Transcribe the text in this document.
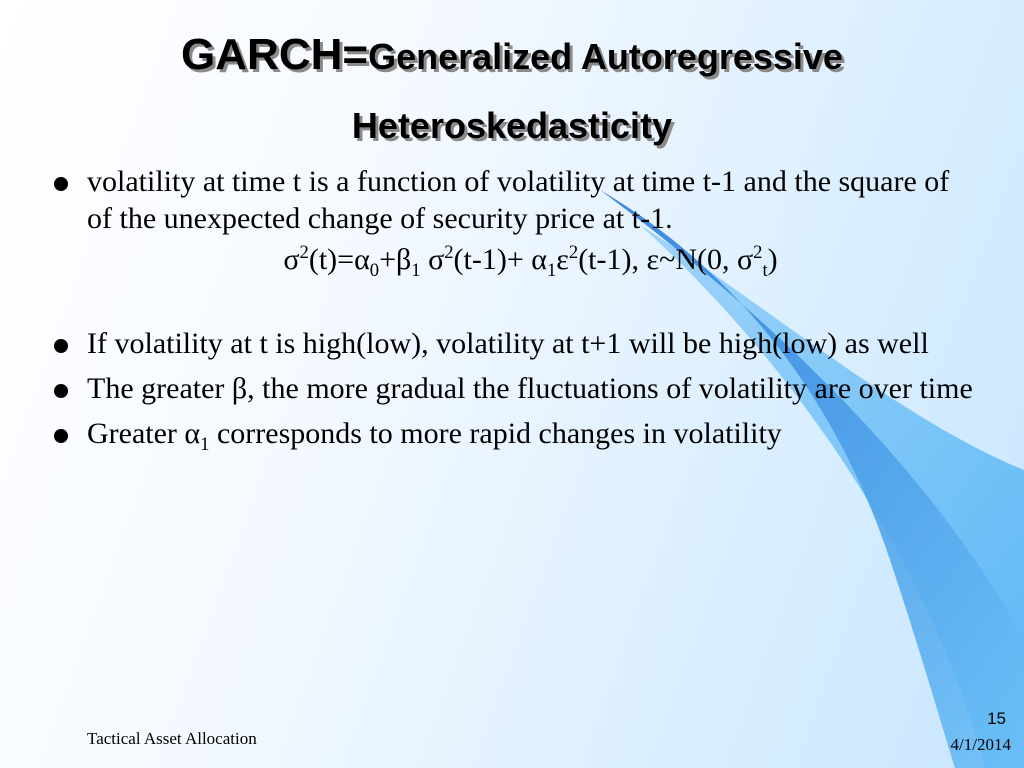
GARCH=Generalized Autoregressive
Heteroskedasticity

volatility at time t is a function of volatility at time t-1 and the square of of the unexpected change of security price at t-1.

$\sigma^2(t)=\alpha_0+\beta_1$ $\sigma^2(t-1)+ \alpha_1\varepsilon^2(t-1)$, ε~N(0, $\sigma^2_t$)

If volatility at t is high(low), volatility at t+1 will be high(low) as well

The greater β, the more gradual the fluctuations of volatility are over time

Greater $\alpha_1$ corresponds to more rapid changes in volatility

Tactical Asset Allocation
15
4/1/2014
